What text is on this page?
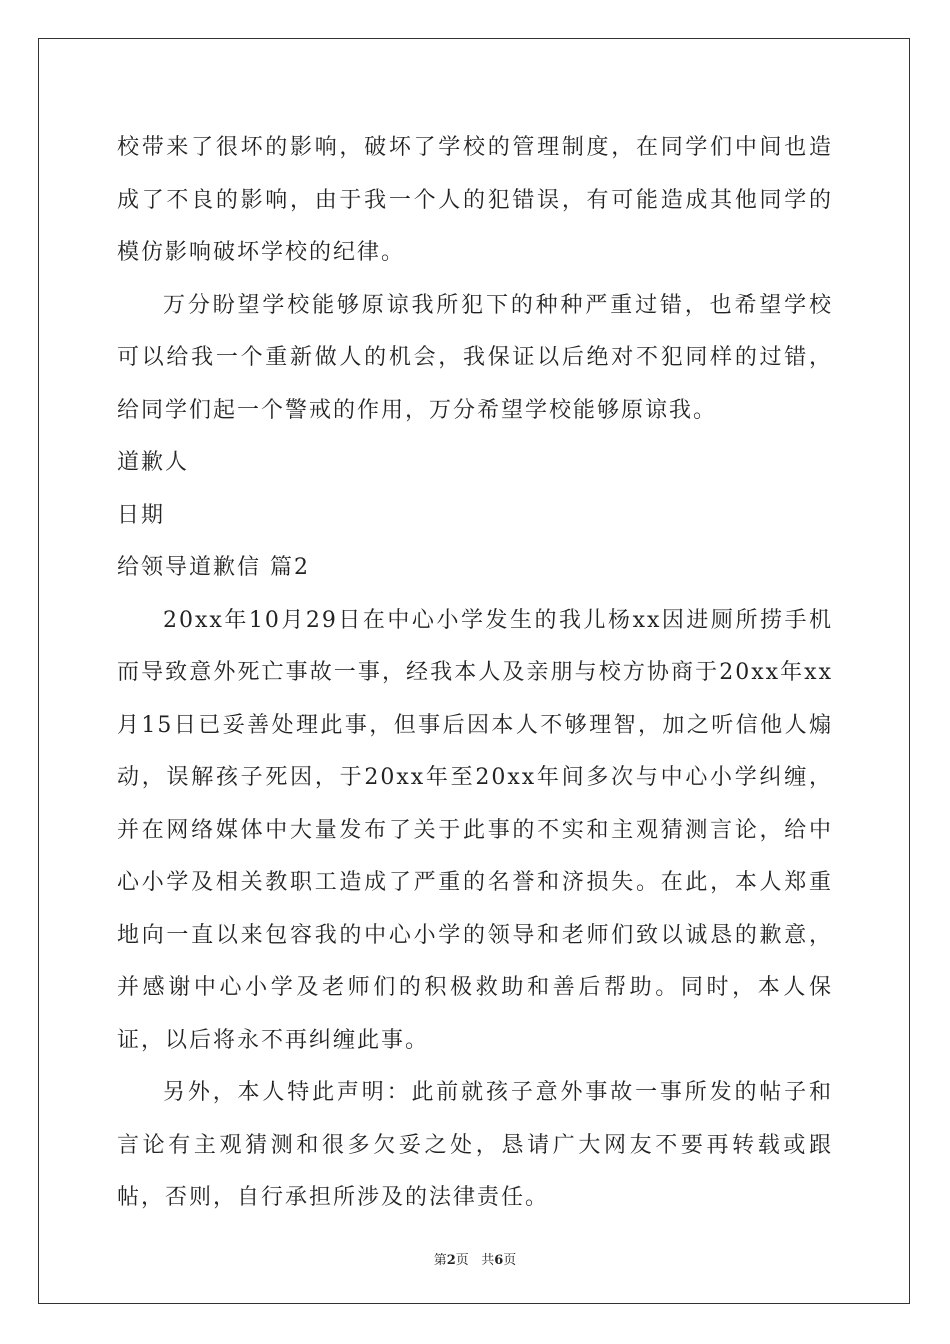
校带来了很坏的影响，破坏了学校的管理制度，在同学们中间也造成了不良的影响，由于我一个人的犯错误，有可能造成其他同学的模仿影响破坏学校的纪律。

万分盼望学校能够原谅我所犯下的种种严重过错，也希望学校可以给我一个重新做人的机会，我保证以后绝对不犯同样的过错，给同学们起一个警戒的作用，万分希望学校能够原谅我。

道歉人

日期

给领导道歉信 篇2

20xx年10月29日在中心小学发生的我儿杨xx因进厕所捞手机而导致意外死亡事故一事，经我本人及亲朋与校方协商于20xx年xx月15日已妥善处理此事，但事后因本人不够理智，加之听信他人煽动，误解孩子死因，于20xx年至20xx年间多次与中心小学纠缠，并在网络媒体中大量发布了关于此事的不实和主观猜测言论，给中心小学及相关教职工造成了严重的名誉和济损失。在此，本人郑重地向一直以来包容我的中心小学的领导和老师们致以诚恳的歉意，并感谢中心小学及老师们的积极救助和善后帮助。同时，本人保证，以后将永不再纠缠此事。

另外，本人特此声明：此前就孩子意外事故一事所发的帖子和言论有主观猜测和很多欠妥之处，恳请广大网友不要再转载或跟帖，否则，自行承担所涉及的法律责任。

第2页 共6页
